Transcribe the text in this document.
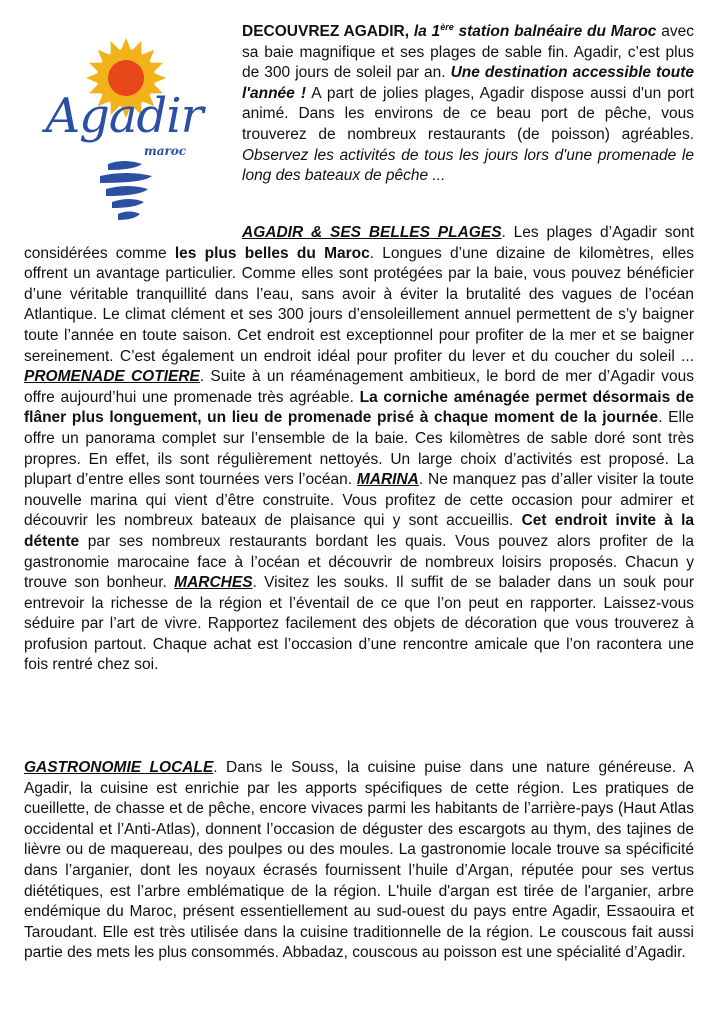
Agadir
maroc

DECOUVREZ AGADIR, la 1ère station balnéaire du Maroc avec sa baie magnifique et ses plages de sable fin. Agadir, c’est plus de 300 jours de soleil par an. Une destination accessible toute l'année ! A part de jolies plages, Agadir dispose aussi d'un port animé. Dans les environs de ce beau port de pêche, vous trouverez de nombreux restaurants (de poisson) agréables. Observez les activités de tous les jours lors d'une promenade le long des bateaux de pêche ...

AGADIR & SES BELLES PLAGES. Les plages d’Agadir sont considérées comme les plus belles du Maroc. Longues d’une dizaine de kilomètres, elles offrent un avantage particulier. Comme elles sont protégées par la baie, vous pouvez bénéficier d’une véritable tranquillité dans l’eau, sans avoir à éviter la brutalité des vagues de l’océan Atlantique. Le climat clément et ses 300 jours d’ensoleillement annuel permettent de s’y baigner toute l’année en toute saison. Cet endroit est exceptionnel pour profiter de la mer et se baigner sereinement. C’est également un endroit idéal pour profiter du lever et du coucher du soleil ... PROMENADE COTIERE. Suite à un réaménagement ambitieux, le bord de mer d’Agadir vous offre aujourd’hui une promenade très agréable. La corniche aménagée permet désormais de flâner plus longuement, un lieu de promenade prisé à chaque moment de la journée. Elle offre un panorama complet sur l’ensemble de la baie. Ces kilomètres de sable doré sont très propres. En effet, ils sont régulièrement nettoyés. Un large choix d’activités est proposé. La plupart d’entre elles sont tournées vers l’océan. MARINA. Ne manquez pas d’aller visiter la toute nouvelle marina qui vient d’être construite. Vous profitez de cette occasion pour admirer et découvrir les nombreux bateaux de plaisance qui y sont accueillis. Cet endroit invite à la détente par ses nombreux restaurants bordant les quais. Vous pouvez alors profiter de la gastronomie marocaine face à l’océan et découvrir de nombreux loisirs proposés. Chacun y trouve son bonheur. MARCHES. Visitez les souks. Il suffit de se balader dans un souk pour entrevoir la richesse de la région et l’éventail de ce que l’on peut en rapporter. Laissez-vous séduire par l’art de vivre. Rapportez facilement des objets de décoration que vous trouverez à profusion partout. Chaque achat est l’occasion d’une rencontre amicale que l’on racontera une fois rentré chez soi.

GASTRONOMIE LOCALE. Dans le Souss, la cuisine puise dans une nature généreuse. A Agadir, la cuisine est enrichie par les apports spécifiques de cette région. Les pratiques de cueillette, de chasse et de pêche, encore vivaces parmi les habitants de l’arrière-pays (Haut Atlas occidental et l’Anti-Atlas), donnent l’occasion de déguster des escargots au thym, des tajines de lièvre ou de maquereau, des poulpes ou des moules. La gastronomie locale trouve sa spécificité dans l’arganier, dont les noyaux écrasés fournissent l’huile d’Argan, réputée pour ses vertus diététiques, est l’arbre emblématique de la région. L'huile d'argan est tirée de l'arganier, arbre endémique du Maroc, présent essentiellement au sud-ouest du pays entre Agadir, Essaouira et Taroudant. Elle est très utilisée dans la cuisine traditionnelle de la région. Le couscous fait aussi partie des mets les plus consommés. Abbadaz, couscous au poisson est une spécialité d’Agadir.
